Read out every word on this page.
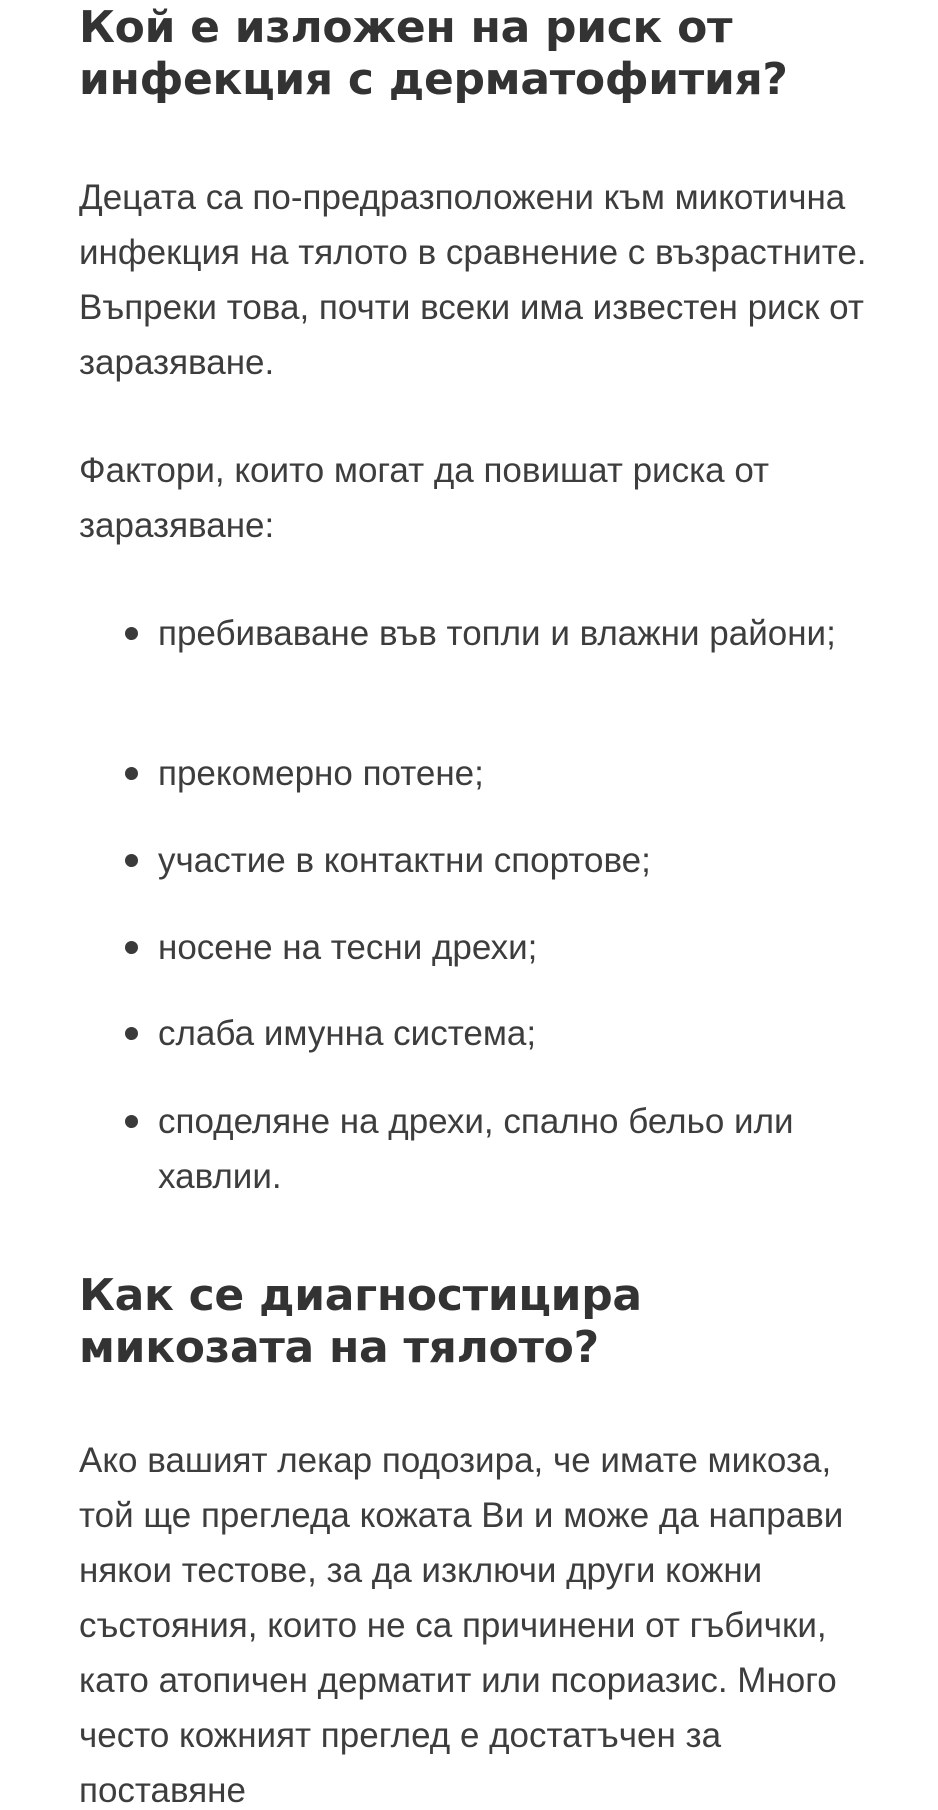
Кой е изложен на риск от инфекция с дерматофития?

Децата са по-предразположени към микотична инфекция на тялото в сравнение с възрастните. Въпреки това, почти всеки има известен риск от заразяване.

Фактори, които могат да повишат риска от заразяване:

пребиваване във топли и влажни райони;
прекомерно потене;
участие в контактни спортове;
носене на тесни дрехи;
слаба имунна система;
споделяне на дрехи, спално бельо или хавлии.
Как се диагностицира микозата на тялото?

Ако вашият лекар подозира, че имате микоза, той ще прегледа кожата Ви и може да направи някои тестове, за да изключи други кожни състояния, които не са причинени от гъбички, като атопичен дерматит или псориазис. Много често кожният преглед е достатъчен за поставяне
